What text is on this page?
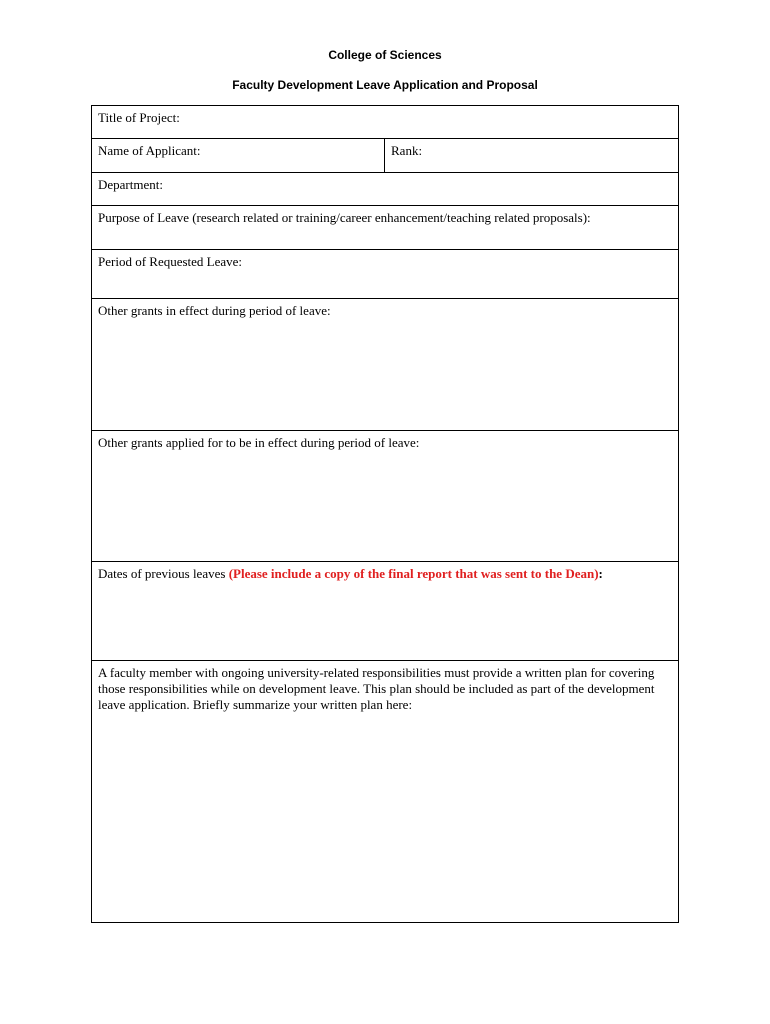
College of Sciences
Faculty Development Leave Application and Proposal
Title of Project:
Name of Applicant:	Rank:
Department:
Purpose of Leave (research related or training/career enhancement/teaching related proposals):
Period of Requested Leave:
Other grants in effect during period of leave:
Other grants applied for to be in effect during period of leave:
Dates of previous leaves (Please include a copy of the final report that was sent to the Dean):
A faculty member with ongoing university-related responsibilities must provide a written plan for covering those responsibilities while on development leave. This plan should be included as part of the development leave application. Briefly summarize your written plan here:
